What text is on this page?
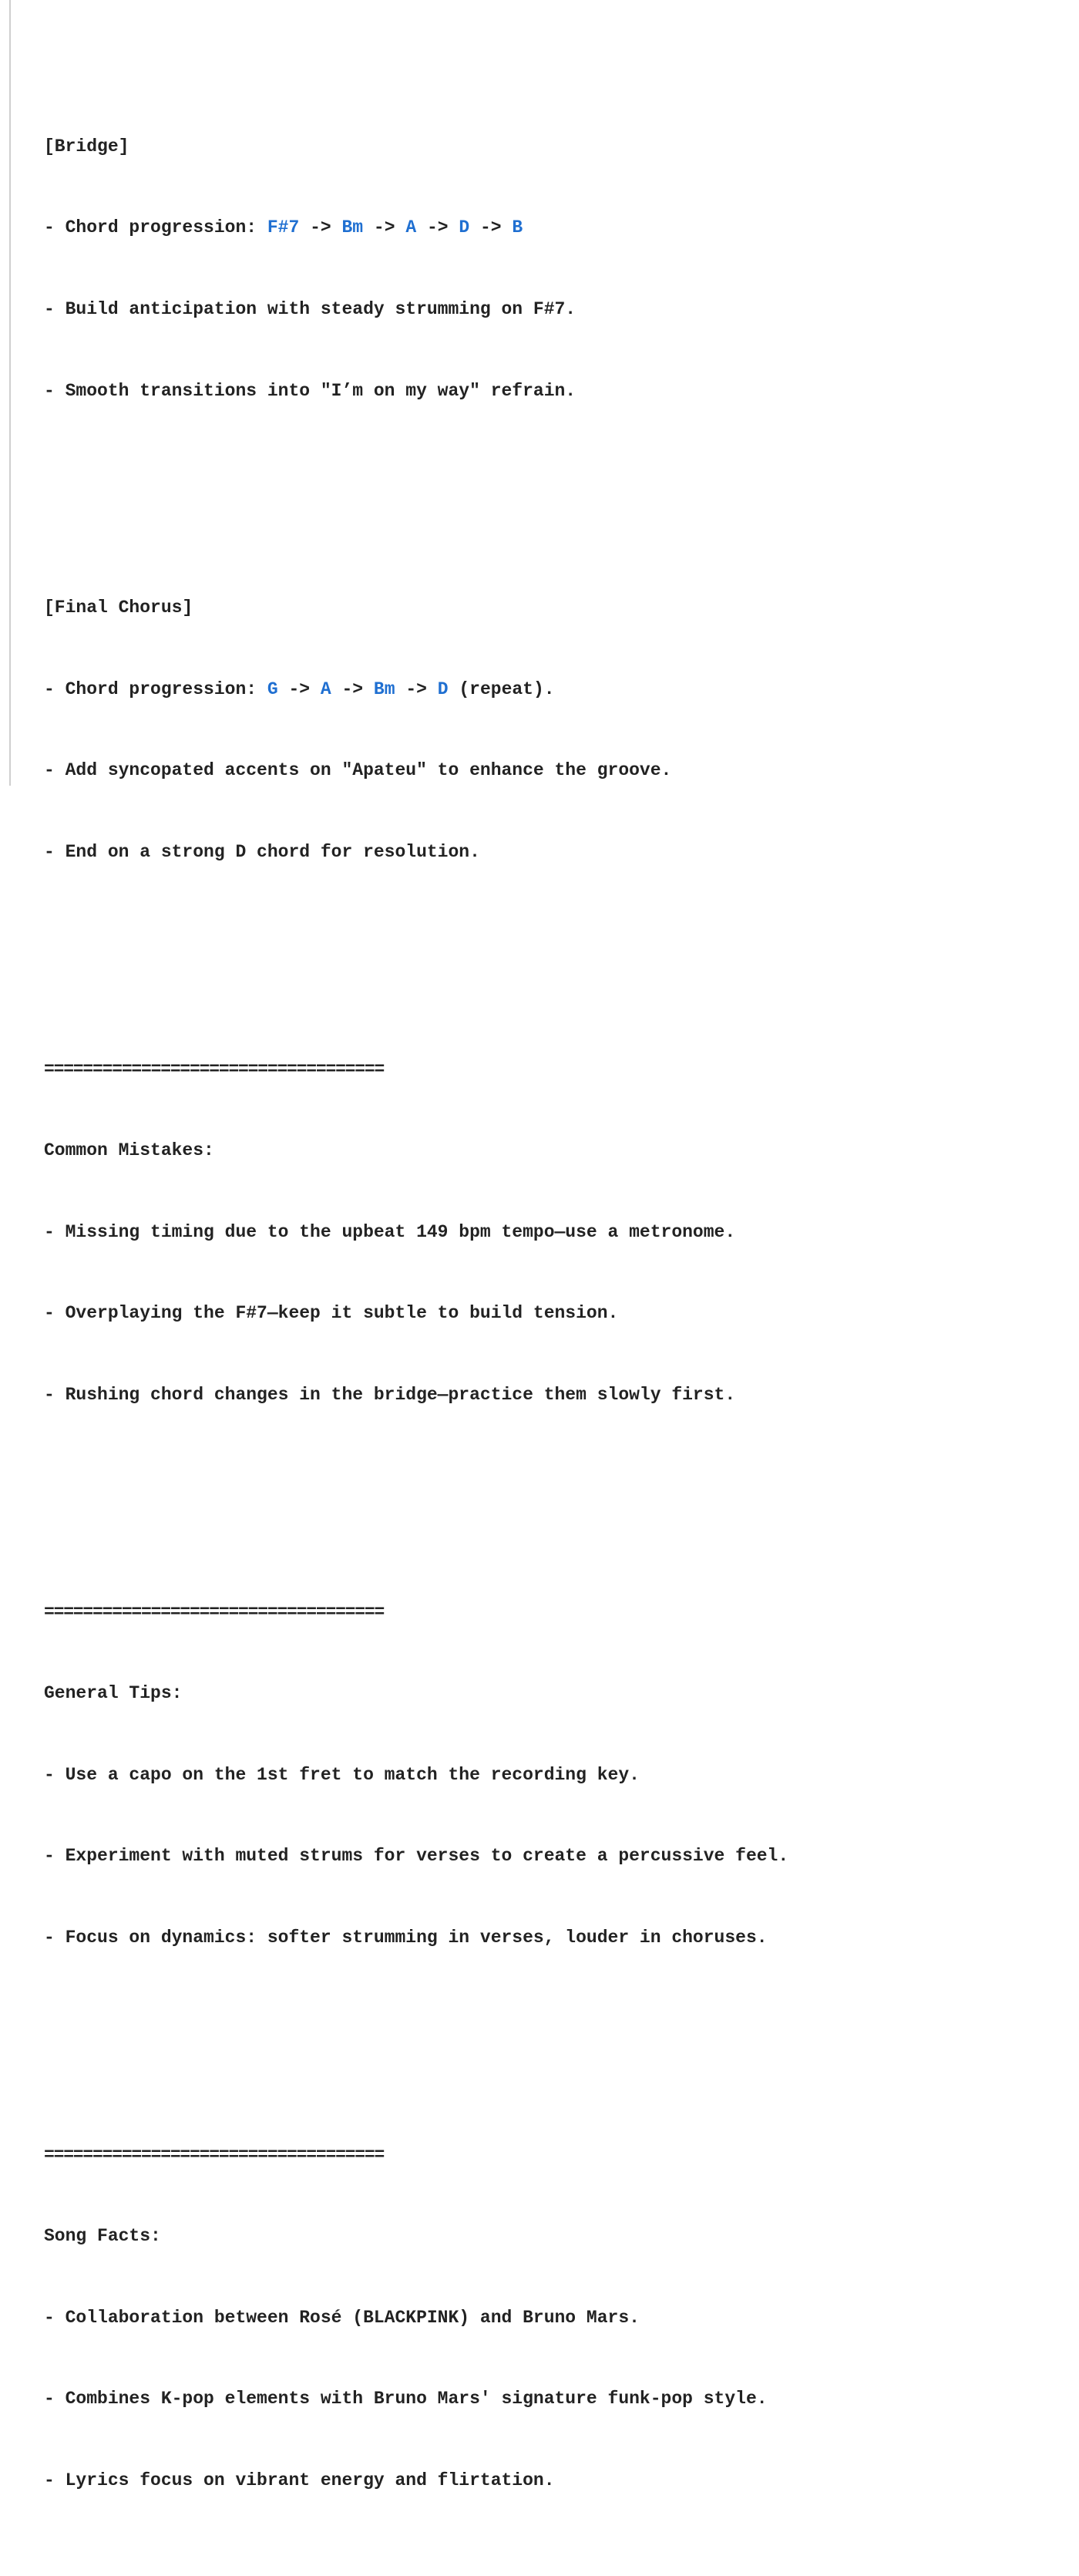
[Bridge]

- Chord progression: F#7 -> Bm -> A -> D -> B

- Build anticipation with steady strumming on F#7.

- Smooth transitions into "I’m on my way" refrain.

[Final Chorus]

- Chord progression: G -> A -> Bm -> D (repeat).

- Add syncopated accents on "Apateu" to enhance the groove.

- End on a strong D chord for resolution.

===================================

Common Mistakes:

- Missing timing due to the upbeat 149 bpm tempo—use a metronome.

- Overplaying the F#7—keep it subtle to build tension.

- Rushing chord changes in the bridge—practice them slowly first.

===================================

General Tips:

- Use a capo on the 1st fret to match the recording key.

- Experiment with muted strums for verses to create a percussive feel.

- Focus on dynamics: softer strumming in verses, louder in choruses.

===================================

Song Facts:

- Collaboration between Rosé (BLACKPINK) and Bruno Mars.

- Combines K-pop elements with Bruno Mars' signature funk-pop style.

- Lyrics focus on vibrant energy and flirtation.
